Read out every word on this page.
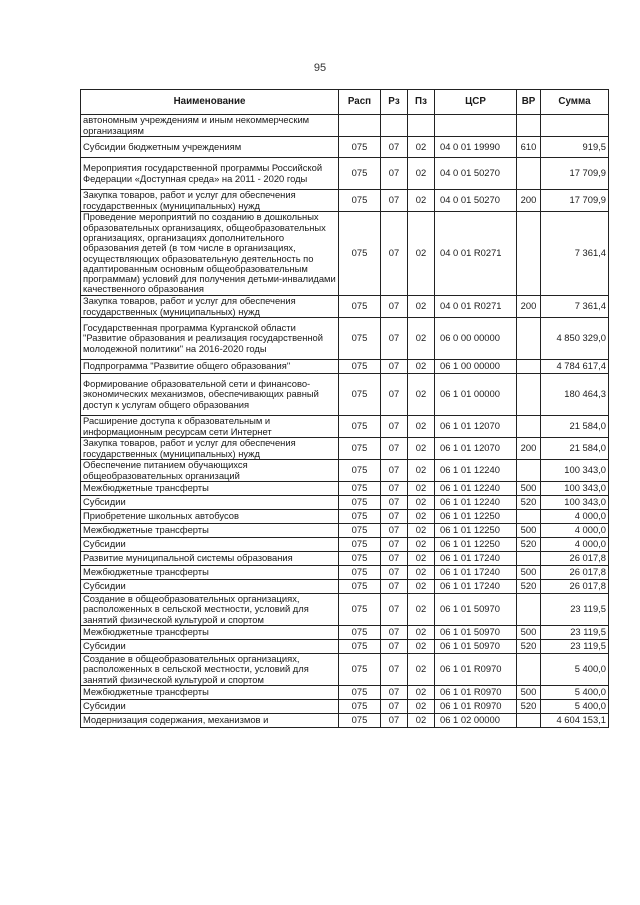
95
Наименование	Расп	Рз	Пз	ЦСР	ВР	Сумма
автономным учреждениям и иным некоммерческим организациям						
Субсидии бюджетным учреждениям	075	07	02	04 0 01 19990	610	919,5
Мероприятия государственной программы Российской Федерации «Доступная среда» на 2011 - 2020 годы	075	07	02	04 0 01 50270		17 709,9
Закупка товаров, работ и услуг для обеспечения государственных (муниципальных) нужд	075	07	02	04 0 01 50270	200	17 709,9
Проведение мероприятий по созданию в дошкольных образовательных организациях, общеобразовательных организациях, организациях дополнительного образования детей (в том числе в организациях, осуществляющих образовательную деятельность по адаптированным основным общеобразовательным программам) условий для получения детьми-инвалидами качественного образования	075	07	02	04 0 01 R0271		7 361,4
Закупка товаров, работ и услуг для обеспечения государственных (муниципальных) нужд	075	07	02	04 0 01 R0271	200	7 361,4
Государственная программа Курганской области "Развитие образования и реализация государственной молодежной политики" на 2016-2020 годы	075	07	02	06 0 00 00000		4 850 329,0
Подпрограмма "Развитие общего образования"	075	07	02	06 1 00 00000		4 784 617,4
Формирование образовательной сети и финансово-экономических механизмов, обеспечивающих равный доступ к услугам общего образования	075	07	02	06 1 01 00000		180 464,3
Расширение доступа к образовательным и информационным ресурсам сети Интернет	075	07	02	06 1 01 12070		21 584,0
Закупка товаров, работ и услуг для обеспечения государственных (муниципальных) нужд	075	07	02	06 1 01 12070	200	21 584,0
Обеспечение питанием обучающихся общеобразовательных организаций	075	07	02	06 1 01 12240		100 343,0
Межбюджетные трансферты	075	07	02	06 1 01 12240	500	100 343,0
Субсидии	075	07	02	06 1 01 12240	520	100 343,0
Приобретение школьных автобусов	075	07	02	06 1 01 12250		4 000,0
Межбюджетные трансферты	075	07	02	06 1 01 12250	500	4 000,0
Субсидии	075	07	02	06 1 01 12250	520	4 000,0
Развитие муниципальной системы образования	075	07	02	06 1 01 17240		26 017,8
Межбюджетные трансферты	075	07	02	06 1 01 17240	500	26 017,8
Субсидии	075	07	02	06 1 01 17240	520	26 017,8
Создание в общеобразовательных организациях, расположенных в сельской местности, условий для занятий физической культурой и спортом	075	07	02	06 1 01 50970		23 119,5
Межбюджетные трансферты	075	07	02	06 1 01 50970	500	23 119,5
Субсидии	075	07	02	06 1 01 50970	520	23 119,5
Создание в общеобразовательных организациях, расположенных в сельской местности, условий для занятий физической культурой и спортом	075	07	02	06 1 01 R0970		5 400,0
Межбюджетные трансферты	075	07	02	06 1 01 R0970	500	5 400,0
Субсидии	075	07	02	06 1 01 R0970	520	5 400,0
Модернизация содержания, механизмов и	075	07	02	06 1 02 00000		4 604 153,1
